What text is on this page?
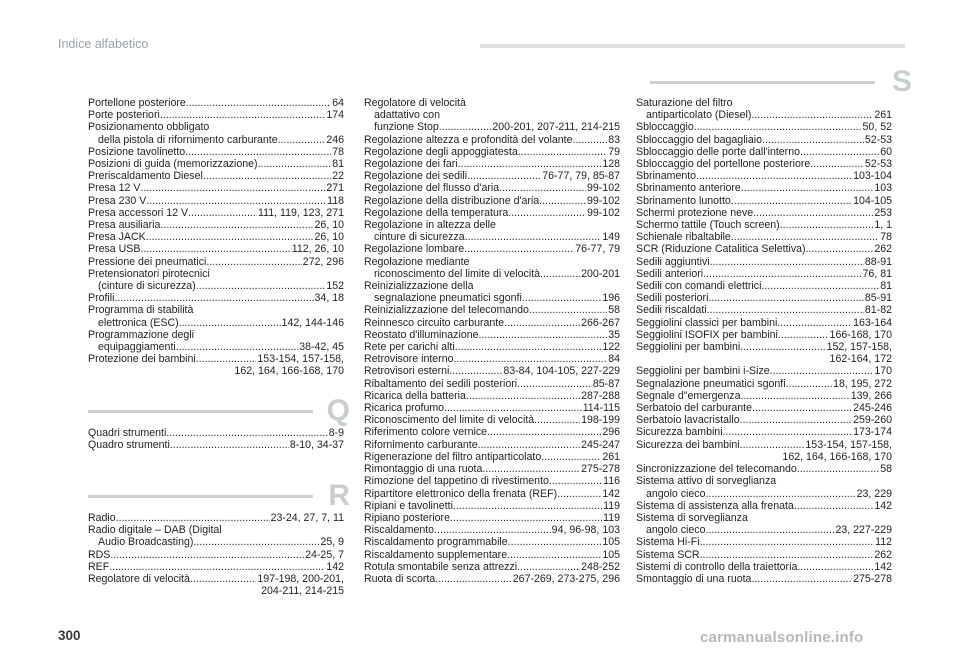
Indice alfabetico
Portellone posteriore .....	64
Porte posteriori .....	174
Posizionamento obbligato
della pistola di rifornimento carburante .....	246
Posizione tavolinetto .....	78
Posizioni di guida (memorizzazione) .....	81
Preriscaldamento Diesel .....	22
Presa 12 V .....	271
Presa 230 V .....	118
Presa accessori 12 V .....	111, 119, 123, 271
Presa ausiliaria .....	26, 10
Presa JACK .....	26, 10
Presa USB .....	112, 26, 10
Pressione dei pneumatici .....	272, 296
Pretensionatori pirotecnici
(cinture di sicurezza) .....	152
Profili .....	34, 18
Programma di stabilità
elettronica (ESC) .....	142, 144-146
Programmazione degli
equipaggiamenti .....	38-42, 45
Protezione dei bambini .....	153-154, 157-158,
162, 164, 166-168, 170
Q
Quadri strumenti .....	8-9
Quadro strumenti .....	8-10, 34-37
R
Radio .....	23-24, 27, 7, 11
Radio digitale – DAB (Digital
Audio Broadcasting) .....	25, 9
RDS .....	24-25, 7
REF .....	142
Regolatore di velocità .....	197-198, 200-201,
204-211, 214-215
Regolatore di velocità
adattativo con
funzione Stop .....	200-201, 207-211, 214-215
Regolazione altezza e profondità del volante .....	83
Regolazione degli appoggiatesta .....	79
Regolazione dei fari .....	128
Regolazione dei sedili .....	76-77, 79, 85-87
Regolazione del flusso d'aria .....	99-102
Regolazione della distribuzione d'aria .....	99-102
Regolazione della temperatura .....	99-102
Regolazione in altezza delle
cinture di sicurezza .....	149
Regolazione lombare .....	76-77, 79
Regolazione mediante
riconoscimento del limite di velocità .....	200-201
Reinizializzazione della
segnalazione pneumatici sgonfi .....	196
Reinizializzazione del telecomando .....	58
Reinnesco circuito carburante .....	266-267
Reostato d'illuminazione .....	35
Rete per carichi alti .....	122
Retrovisore interno .....	84
Retrovisori esterni .....	83-84, 104-105, 227-229
Ribaltamento dei sedili posteriori .....	85-87
Ricarica della batteria .....	287-288
Ricarica profumo .....	114-115
Riconoscimento del limite di velocità .....	198-199
Riferimento colore vernice .....	296
Rifornimento carburante .....	245-247
Rigenerazione del filtro antiparticolato .....	261
Rimontaggio di una ruota .....	275-278
Rimozione del tappetino di rivestimento .....	116
Ripartitore elettronico della frenata (REF) .....	142
Ripiani e tavolinetti .....	119
Ripiano posteriore .....	119
Riscaldamento .....	94, 96-98, 103
Riscaldamento programmabile .....	105
Riscaldamento supplementare .....	105
Rotula smontabile senza attrezzi .....	248-252
Ruota di scorta .....	267-269, 273-275, 296
S
Saturazione del filtro
antiparticolato (Diesel) .....	261
Sbloccaggio .....	50, 52
Sbloccaggio del bagagliaio .....	52-53
Sbloccaggio delle porte dall'interno .....	60
Sbloccaggio del portellone posteriore .....	52-53
Sbrinamento .....	103-104
Sbrinamento anteriore .....	103
Sbrinamento lunotto .....	104-105
Schermi protezione neve .....	253
Schermo tattile (Touch screen) .....	1, 1
Schienale ribaltabile .....	78
SCR (Riduzione Catalitica Selettiva) .....	262
Sedili aggiuntivi .....	88-91
Sedili anteriori .....	76, 81
Sedili con comandi elettrici .....	81
Sedili posteriori .....	85-91
Sedili riscaldati .....	81-82
Seggiolini classici per bambini .....	163-164
Seggiolini ISOFIX per bambini .....	166-168, 170
Seggiolini per bambini .....	152, 157-158,
162-164, 172
Seggiolini per bambini i-Size .....	170
Segnalazione pneumatici sgonfi .....	18, 195, 272
Segnale d"emergenza .....	139, 266
Serbatoio del carburante .....	245-246
Serbatoio lavacristallo .....	259-260
Sicurezza bambini .....	173-174
Sicurezza dei bambini .....	153-154, 157-158,
162, 164, 166-168, 170
Sincronizzazione del telecomando .....	58
Sistema attivo di sorveglianza
angolo cieco .....	23, 229
Sistema di assistenza alla frenata .....	142
Sistema di sorveglianza
angolo cieco .....	23, 227-229
Sistema Hi-Fi .....	112
Sistema SCR .....	262
Sistemi di controllo della traiettoria .....	142
Smontaggio di una ruota .....	275-278
300	carmanualsonline.info
